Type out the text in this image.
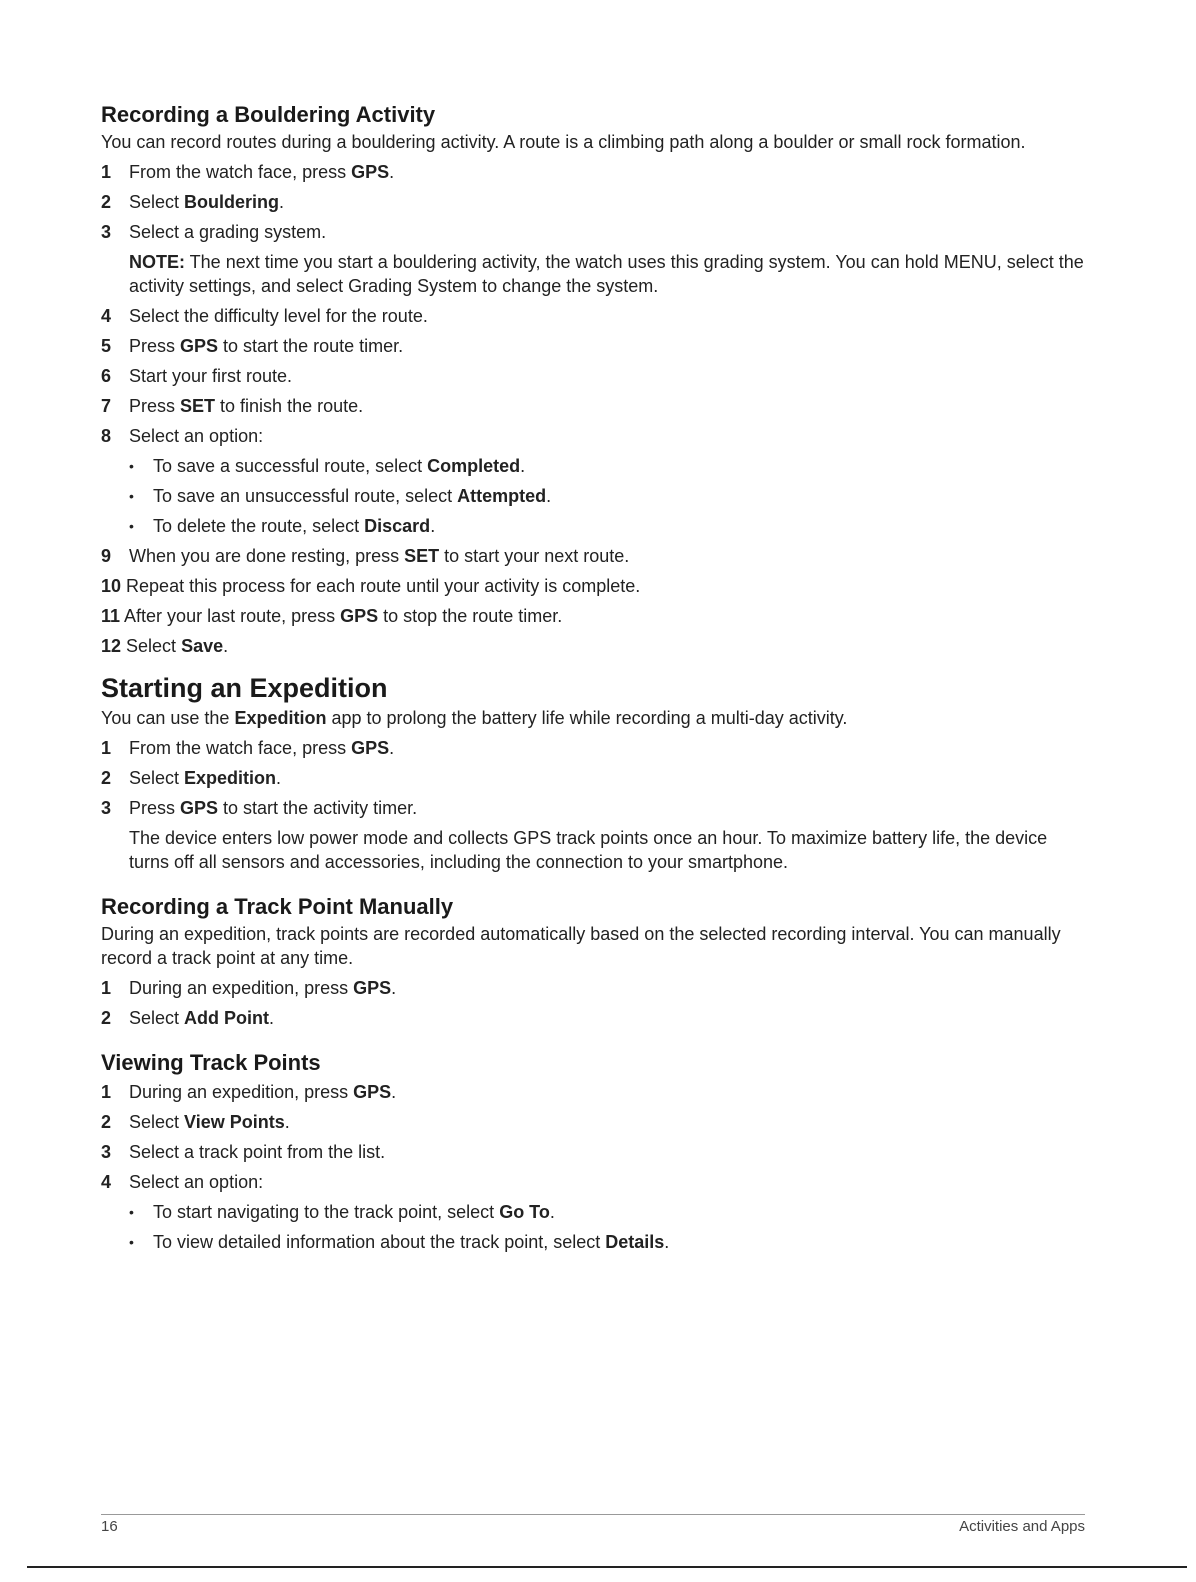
Recording a Bouldering Activity

You can record routes during a bouldering activity. A route is a climbing path along a boulder or small rock formation.

1 From the watch face, press GPS.
2 Select Bouldering.
3 Select a grading system.
NOTE: The next time you start a bouldering activity, the watch uses this grading system. You can hold MENU, select the activity settings, and select Grading System to change the system.
4 Select the difficulty level for the route.
5 Press GPS to start the route timer.
6 Start your first route.
7 Press SET to finish the route.
8 Select an option:
• To save a successful route, select Completed.
• To save an unsuccessful route, select Attempted.
• To delete the route, select Discard.
9 When you are done resting, press SET to start your next route.
10 Repeat this process for each route until your activity is complete.
11 After your last route, press GPS to stop the route timer.
12 Select Save.
Starting an Expedition

You can use the Expedition app to prolong the battery life while recording a multi-day activity.

1 From the watch face, press GPS.
2 Select Expedition.
3 Press GPS to start the activity timer.
The device enters low power mode and collects GPS track points once an hour. To maximize battery life, the device turns off all sensors and accessories, including the connection to your smartphone.
Recording a Track Point Manually

During an expedition, track points are recorded automatically based on the selected recording interval. You can manually record a track point at any time.

1 During an expedition, press GPS.
2 Select Add Point.
Viewing Track Points
1 During an expedition, press GPS.
2 Select View Points.
3 Select a track point from the list.
4 Select an option:
• To start navigating to the track point, select Go To.
• To view detailed information about the track point, select Details.
16	Activities and Apps
